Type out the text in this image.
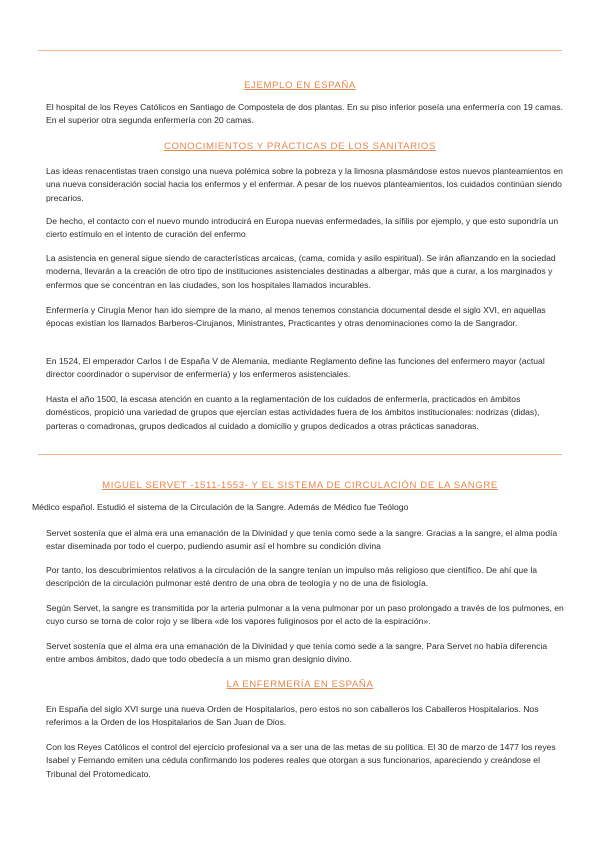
EJEMPLO EN ESPAÑA

El hospital de los Reyes Católicos en Santiago de Compostela de dos plantas. En su piso inferior poseía una enfermería con 19 camas. En el superior otra segunda enfermería con 20 camas.

CONOCIMIENTOS Y PRÁCTICAS DE LOS SANITARIOS

Las ideas renacentistas traen consigo una nueva polémica sobre la pobreza y la limosna plasmándose estos nuevos planteamientos en una nueva consideración social hacia los enfermos y el enfermar. A pesar de los nuevos planteamientos, los cuidados continúan siendo precarios.

De hecho, el contacto con el nuevo mundo introducirá en Europa nuevas enfermedades, la sífilis por ejemplo, y que esto supondría un cierto estímulo en el intento de curación del enfermo

La asistencia en general sigue siendo de características arcaicas, (cama, comida y asilo espiritual). Se irán afianzando en la sociedad moderna, llevarán a la creación de otro tipo de instituciones asistenciales destinadas a albergar, más que a curar, a los marginados y enfermos que se concentran en las ciudades, son los hospitales llamados incurables.

Enfermería y Cirugía Menor han ido siempre de la mano, al menos tenemos constancia documental desde el siglo XVI, en aquellas épocas existían los llamados Barberos-Cirujanos, Ministrantes, Practicantes y otras denominaciones como la de Sangrador.

En 1524, El emperador Carlos I de España V de Alemania, mediante Reglamento define las funciones del enfermero mayor (actual director coordinador o supervisor de enfermería) y los enfermeros asistenciales.

Hasta el año 1500, la escasa atención en cuanto a la reglamentación de los cuidados de enfermería, practicados en ámbitos domésticos, propició una variedad de grupos que ejercían estas actividades fuera de los ámbitos institucionales: nodrizas (didas), parteras o comadronas, grupos dedicados al cuidado a domicilio y grupos dedicados a otras prácticas sanadoras.

MIGUEL SERVET -1511-1553- Y EL SISTEMA DE CIRCULACIÓN DE LA SANGRE

Médico español. Estudió el sistema de la Circulación de la Sangre. Además de Médico fue Teólogo

Servet sostenía que el alma era una emanación de la Divinidad y que tenía como sede a la sangre. Gracias a la sangre, el alma podía estar diseminada por todo el cuerpo, pudiendo asumir así el hombre su condición divina

Por tanto, los descubrimientos relativos a la circulación de la sangre tenían un impulso más religioso que científico. De ahí que la descripción de la circulación pulmonar esté dentro de una obra de teología y no de una de fisiología.

Según Servet, la sangre es transmitida por la arteria pulmonar a la vena pulmonar por un paso prolongado a través de los pulmones, en cuyo curso se torna de color rojo y se libera «de los vapores fuliginosos por el acto de la espiración».

Servet sostenía que el alma era una emanación de la Divinidad y que tenía como sede a la sangre. Para Servet no había diferencia entre ambos ámbitos, dado que todo obedecía a un mismo gran designio divino.

LA ENFERMERÍA EN ESPAÑA

En España del siglo XVI surge una nueva Orden de Hospitalarios, pero estos no son caballeros los Caballeros Hospitalarios. Nos referimos a la Orden de los Hospitalarios de San Juan de Dios.

Con los Reyes Católicos el control del ejercicio profesional va a ser una de las metas de su política. El 30 de marzo de 1477 los reyes Isabel y Fernando emiten una cédula confirmando los poderes reales que otorgan a sus funcionarios, apareciendo y creándose el Tribunal del Protomedicato.
